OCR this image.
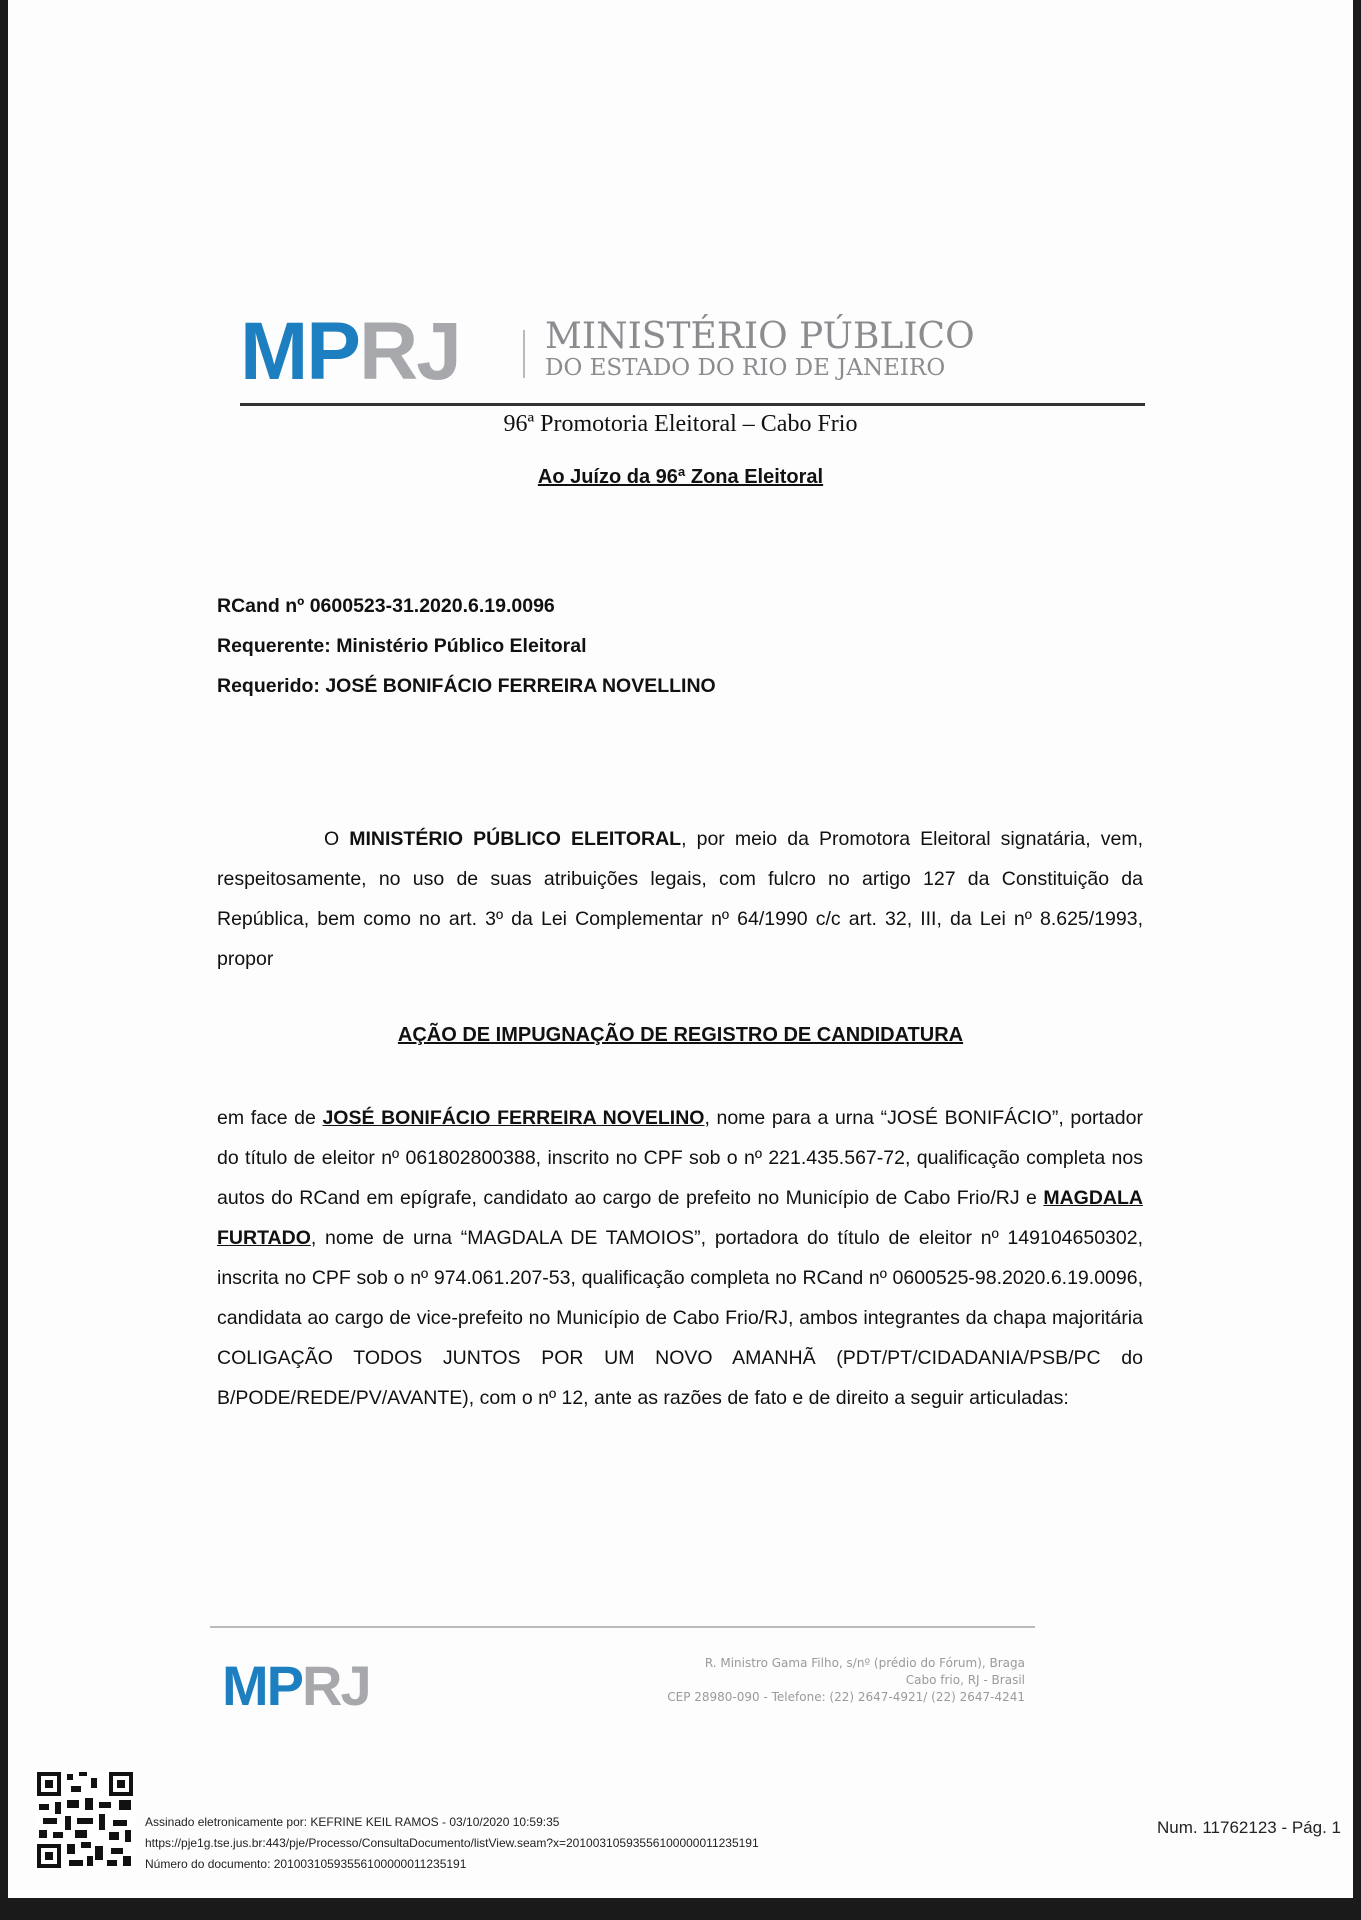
MPRJ MINISTÉRIO PÚBLICO
DO ESTADO DO RIO DE JANEIRO
96ª Promotoria Eleitoral – Cabo Frio
Ao Juízo da 96ª Zona Eleitoral
RCand nº 0600523-31.2020.6.19.0096
Requerente: Ministério Público Eleitoral
Requerido: JOSÉ BONIFÁCIO FERREIRA NOVELLINO
O MINISTÉRIO PÚBLICO ELEITORAL, por meio da Promotora Eleitoral signatária, vem, respeitosamente, no uso de suas atribuições legais, com fulcro no artigo 127 da Constituição da República, bem como no art. 3º da Lei Complementar nº 64/1990 c/c art. 32, III, da Lei nº 8.625/1993, propor
AÇÃO DE IMPUGNAÇÃO DE REGISTRO DE CANDIDATURA
em face de JOSÉ BONIFÁCIO FERREIRA NOVELINO, nome para a urna “JOSÉ BONIFÁCIO”, portador do título de eleitor nº 061802800388, inscrito no CPF sob o nº 221.435.567-72, qualificação completa nos autos do RCand em epígrafe, candidato ao cargo de prefeito no Município de Cabo Frio/RJ e MAGDALA FURTADO, nome de urna “MAGDALA DE TAMOIOS”, portadora do título de eleitor nº 149104650302, inscrita no CPF sob o nº 974.061.207-53, qualificação completa no RCand nº 0600525-98.2020.6.19.0096, candidata ao cargo de vice-prefeito no Município de Cabo Frio/RJ, ambos integrantes da chapa majoritária COLIGAÇÃO TODOS JUNTOS POR UM NOVO AMANHÃ (PDT/PT/CIDADANIA/PSB/PC do B/PODE/REDE/PV/AVANTE), com o nº 12, ante as razões de fato e de direito a seguir articuladas:
MPRJ	R. Ministro Gama Filho, s/nº (prédio do Fórum), Braga
Cabo frio, RJ - Brasil
CEP 28980-090 - Telefone: (22) 2647-4921/ (22) 2647-4241
Assinado eletronicamente por: KEFRINE KEIL RAMOS - 03/10/2020 10:59:35
https://pje1g.tse.jus.br:443/pje/Processo/ConsultaDocumento/listView.seam?x=20100310593556100000011235191
Número do documento: 20100310593556100000011235191
Num. 11762123 - Pág. 1
